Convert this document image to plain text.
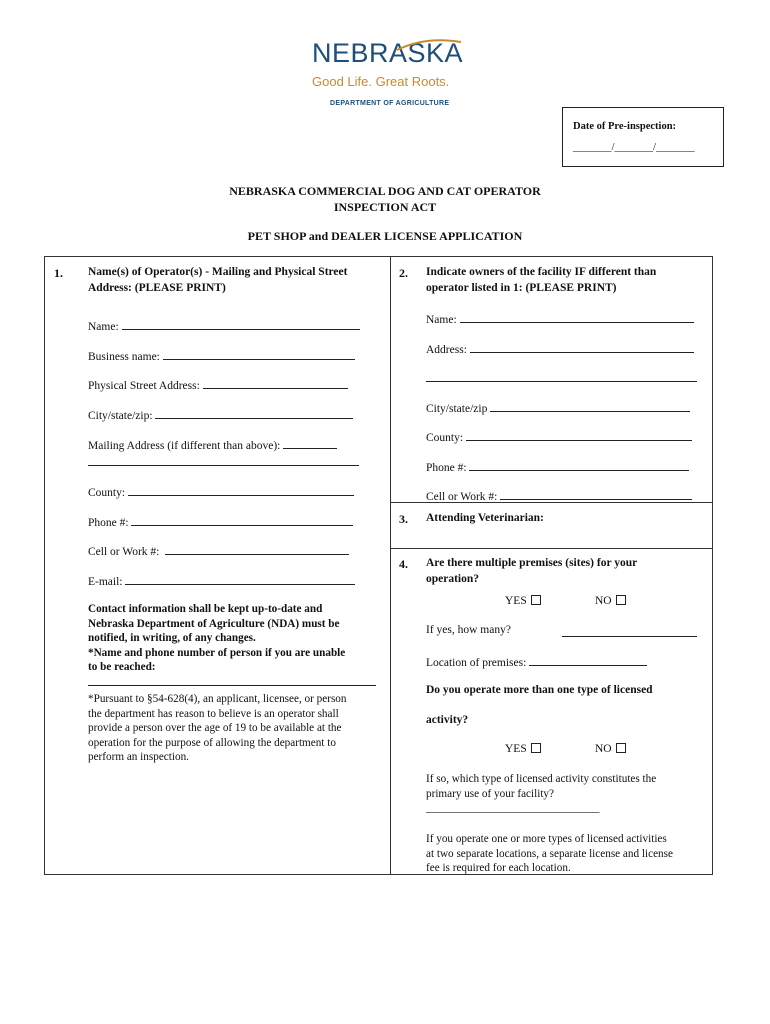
NEBRASKA
Good Life. Great Roots.
DEPARTMENT OF AGRICULTURE
Date of Pre-inspection:
_______/_______/_______
NEBRASKA COMMERCIAL DOG AND CAT OPERATOR
INSPECTION ACT
PET SHOP and DEALER LICENSE APPLICATION
1. Name(s) of Operator(s) - Mailing and Physical Street
Address: (PLEASE PRINT)
Name:
Business name:
Physical Street Address:
City/state/zip:
Mailing Address (if different than above):
County:
Phone #:
Cell or Work #:
E-mail:
Contact information shall be kept up-to-date and
Nebraska Department of Agriculture (NDA) must be
notified, in writing, of any changes.
*Name and phone number of person if you are unable
to be reached:
*Pursuant to §54-628(4), an applicant, licensee, or person
the department has reason to believe is an operator shall
provide a person over the age of 19 to be available at the
operation for the purpose of allowing the department to
perform an inspection.
2. Indicate owners of the facility IF different than
operator listed in 1: (PLEASE PRINT)
Name:
Address:
City/state/zip
County:
Phone #:
Cell or Work #:
3. Attending Veterinarian:
4. Are there multiple premises (sites) for your
operation?
YES	NO
If yes, how many?
Location of premises:
Do you operate more than one type of licensed
activity?
YES	NO
If so, which type of licensed activity constitutes the
primary use of your facility?
_______________________________
If you operate one or more types of licensed activities
at two separate locations, a separate license and license
fee is required for each location.
